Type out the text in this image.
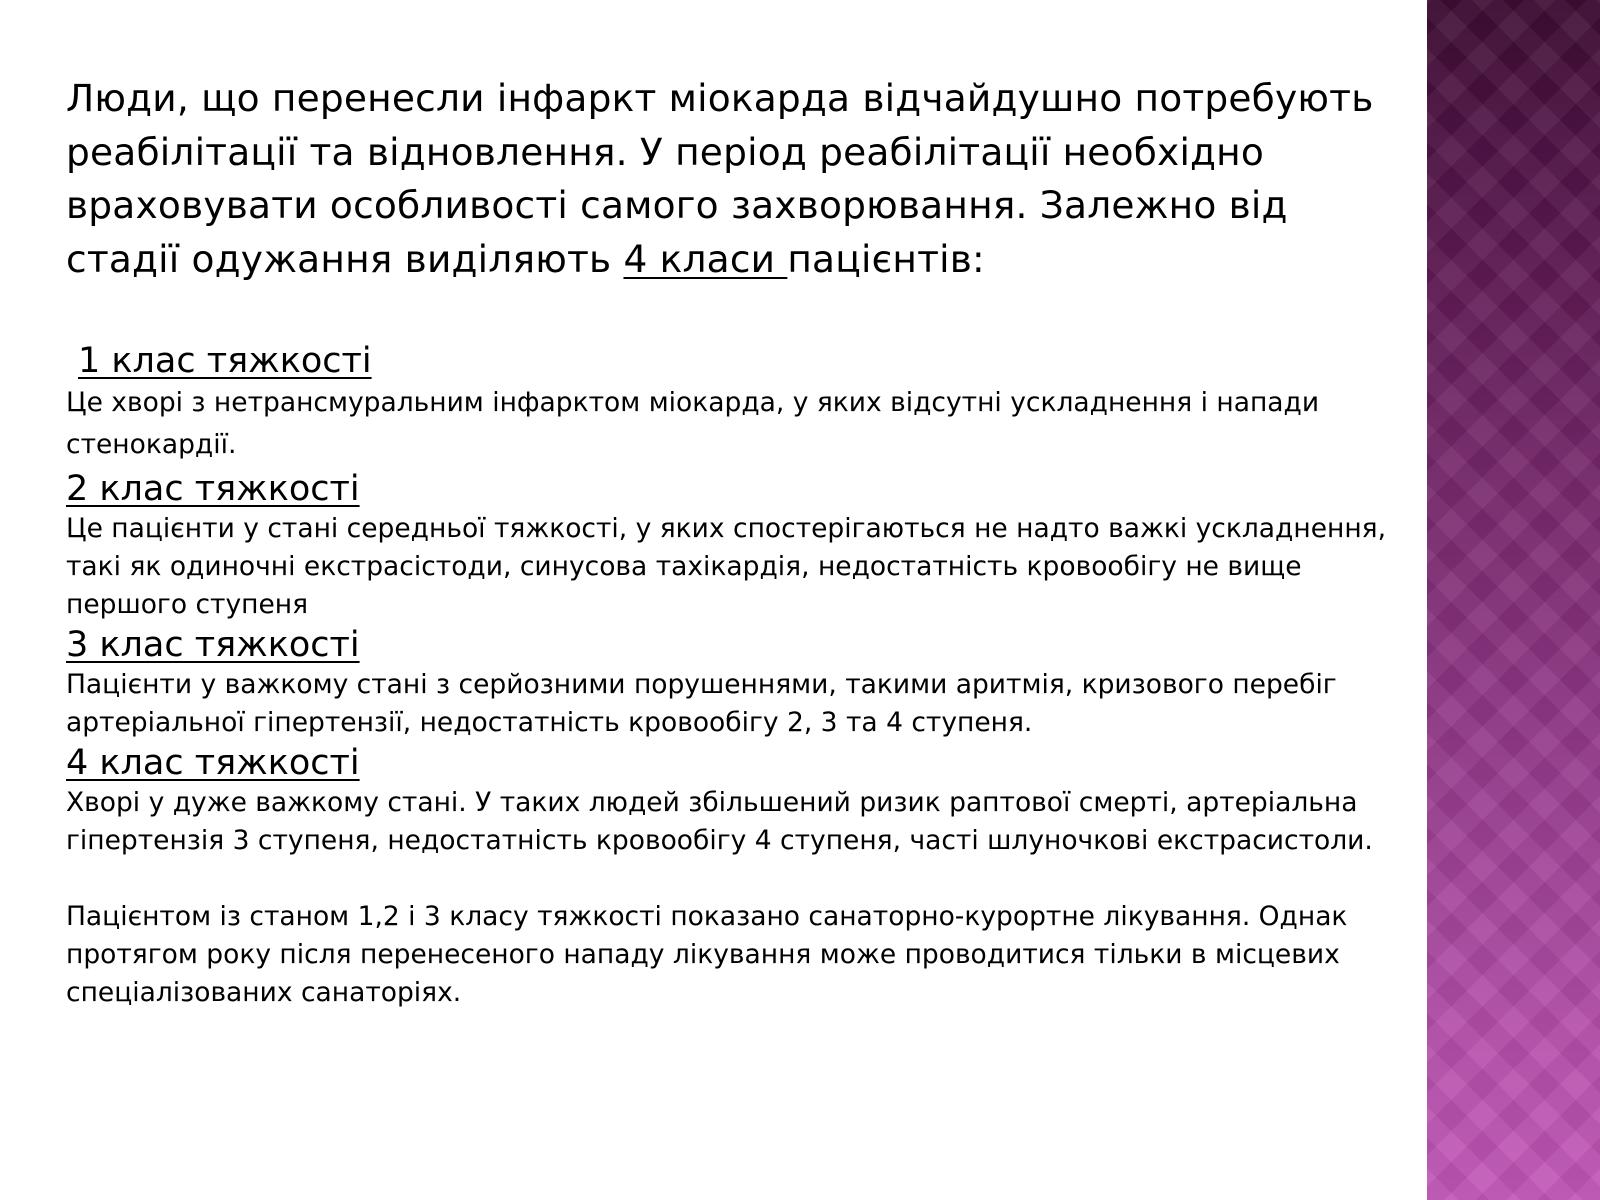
Люди, що перенесли інфаркт міокарда відчайдушно потребують реабілітації та відновлення. У період реабілітації необхідно враховувати особливості самого захворювання. Залежно від стадії одужання виділяють 4 класи пацієнтів:

1 клас тяжкості

Це хворі з нетрансмуральним інфарктом міокарда, у яких відсутні ускладнення і напади стенокардії.

2 клас тяжкості

Це пацієнти у стані середньої тяжкості, у яких спостерігаються не надто важкі ускладнення, такі як одиночні екстрасістоди, синусова тахікардія, недостатність кровообігу не вище першого ступеня

3 клас тяжкості

Пацієнти у важкому стані з серйозними порушеннями, такими аритмія, кризового перебіг артеріальної гіпертензії, недостатність кровообігу 2, 3 та 4 ступеня.

4 клас тяжкості

Хворі у дуже важкому стані. У таких людей збільшений ризик раптової смерті, артеріальна гіпертензія 3 ступеня, недостатність кровообігу 4 ступеня, часті шлуночкові екстрасистоли.

Пацієнтом із станом 1,2 і 3 класу тяжкості показано санаторно-курортне лікування. Однак протягом року після перенесеного нападу лікування може проводитися тільки в місцевих спеціалізованих санаторіях.
